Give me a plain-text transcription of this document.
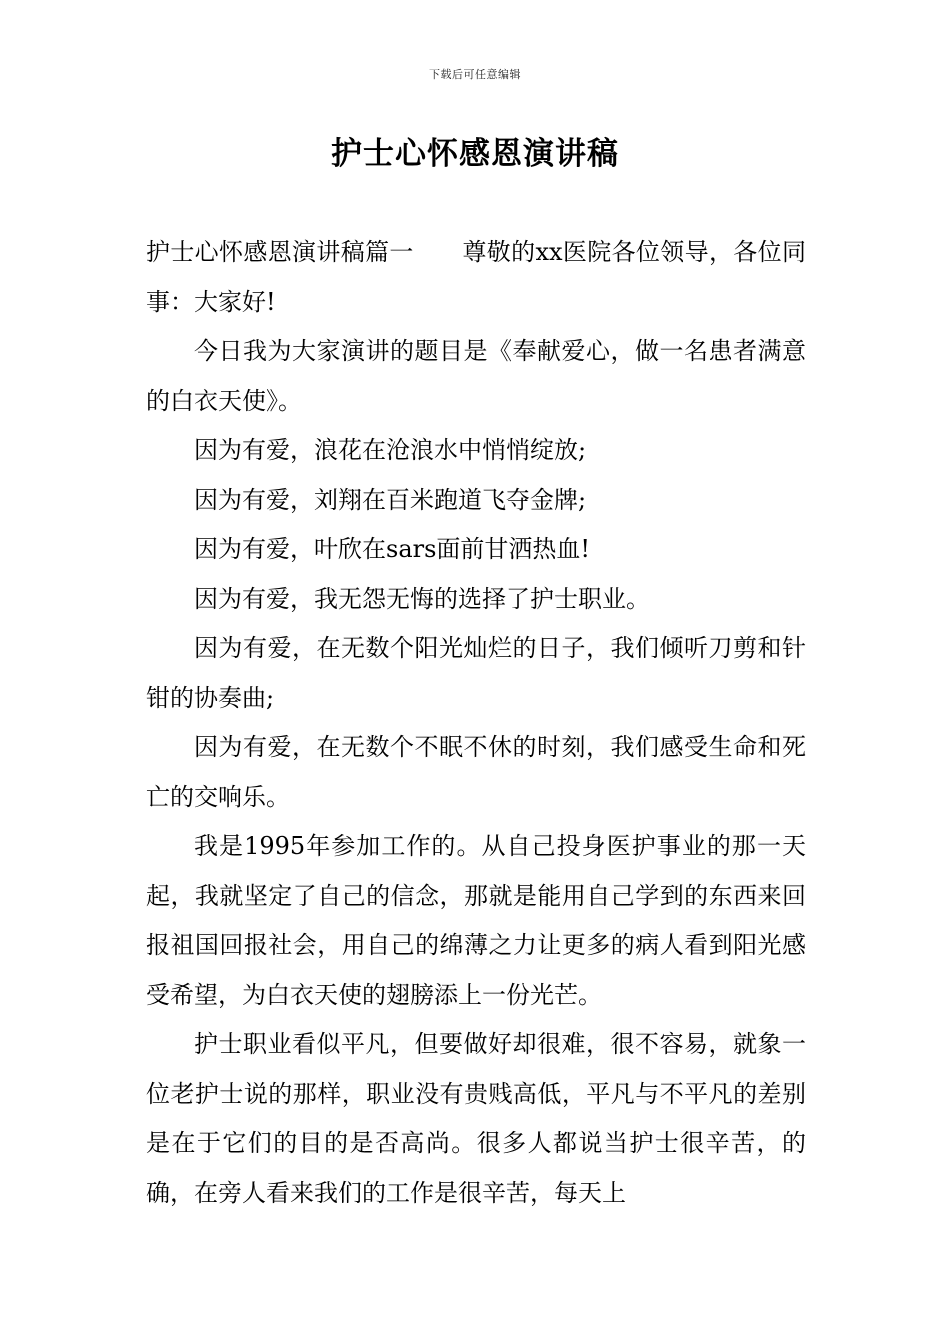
下载后可任意编辑
护士心怀感恩演讲稿

护士心怀感恩演讲稿篇一　　尊敬的xx医院各位领导，各位同事：大家好!

今日我为大家演讲的题目是《奉献爱心，做一名患者满意的白衣天使》。

因为有爱，浪花在沧浪水中悄悄绽放;

因为有爱，刘翔在百米跑道飞夺金牌;

因为有爱，叶欣在sars面前甘洒热血!

因为有爱，我无怨无悔的选择了护士职业。

因为有爱，在无数个阳光灿烂的日子，我们倾听刀剪和针钳的协奏曲;

因为有爱，在无数个不眠不休的时刻，我们感受生命和死亡的交响乐。

我是1995年参加工作的。从自己投身医护事业的那一天起，我就坚定了自己的信念，那就是能用自己学到的东西来回报祖国回报社会，用自己的绵薄之力让更多的病人看到阳光感受希望，为白衣天使的翅膀添上一份光芒。

护士职业看似平凡，但要做好却很难，很不容易，就象一位老护士说的那样，职业没有贵贱高低，平凡与不平凡的差别是在于它们的目的是否高尚。很多人都说当护士很辛苦，的确，在旁人看来我们的工作是很辛苦，每天上
